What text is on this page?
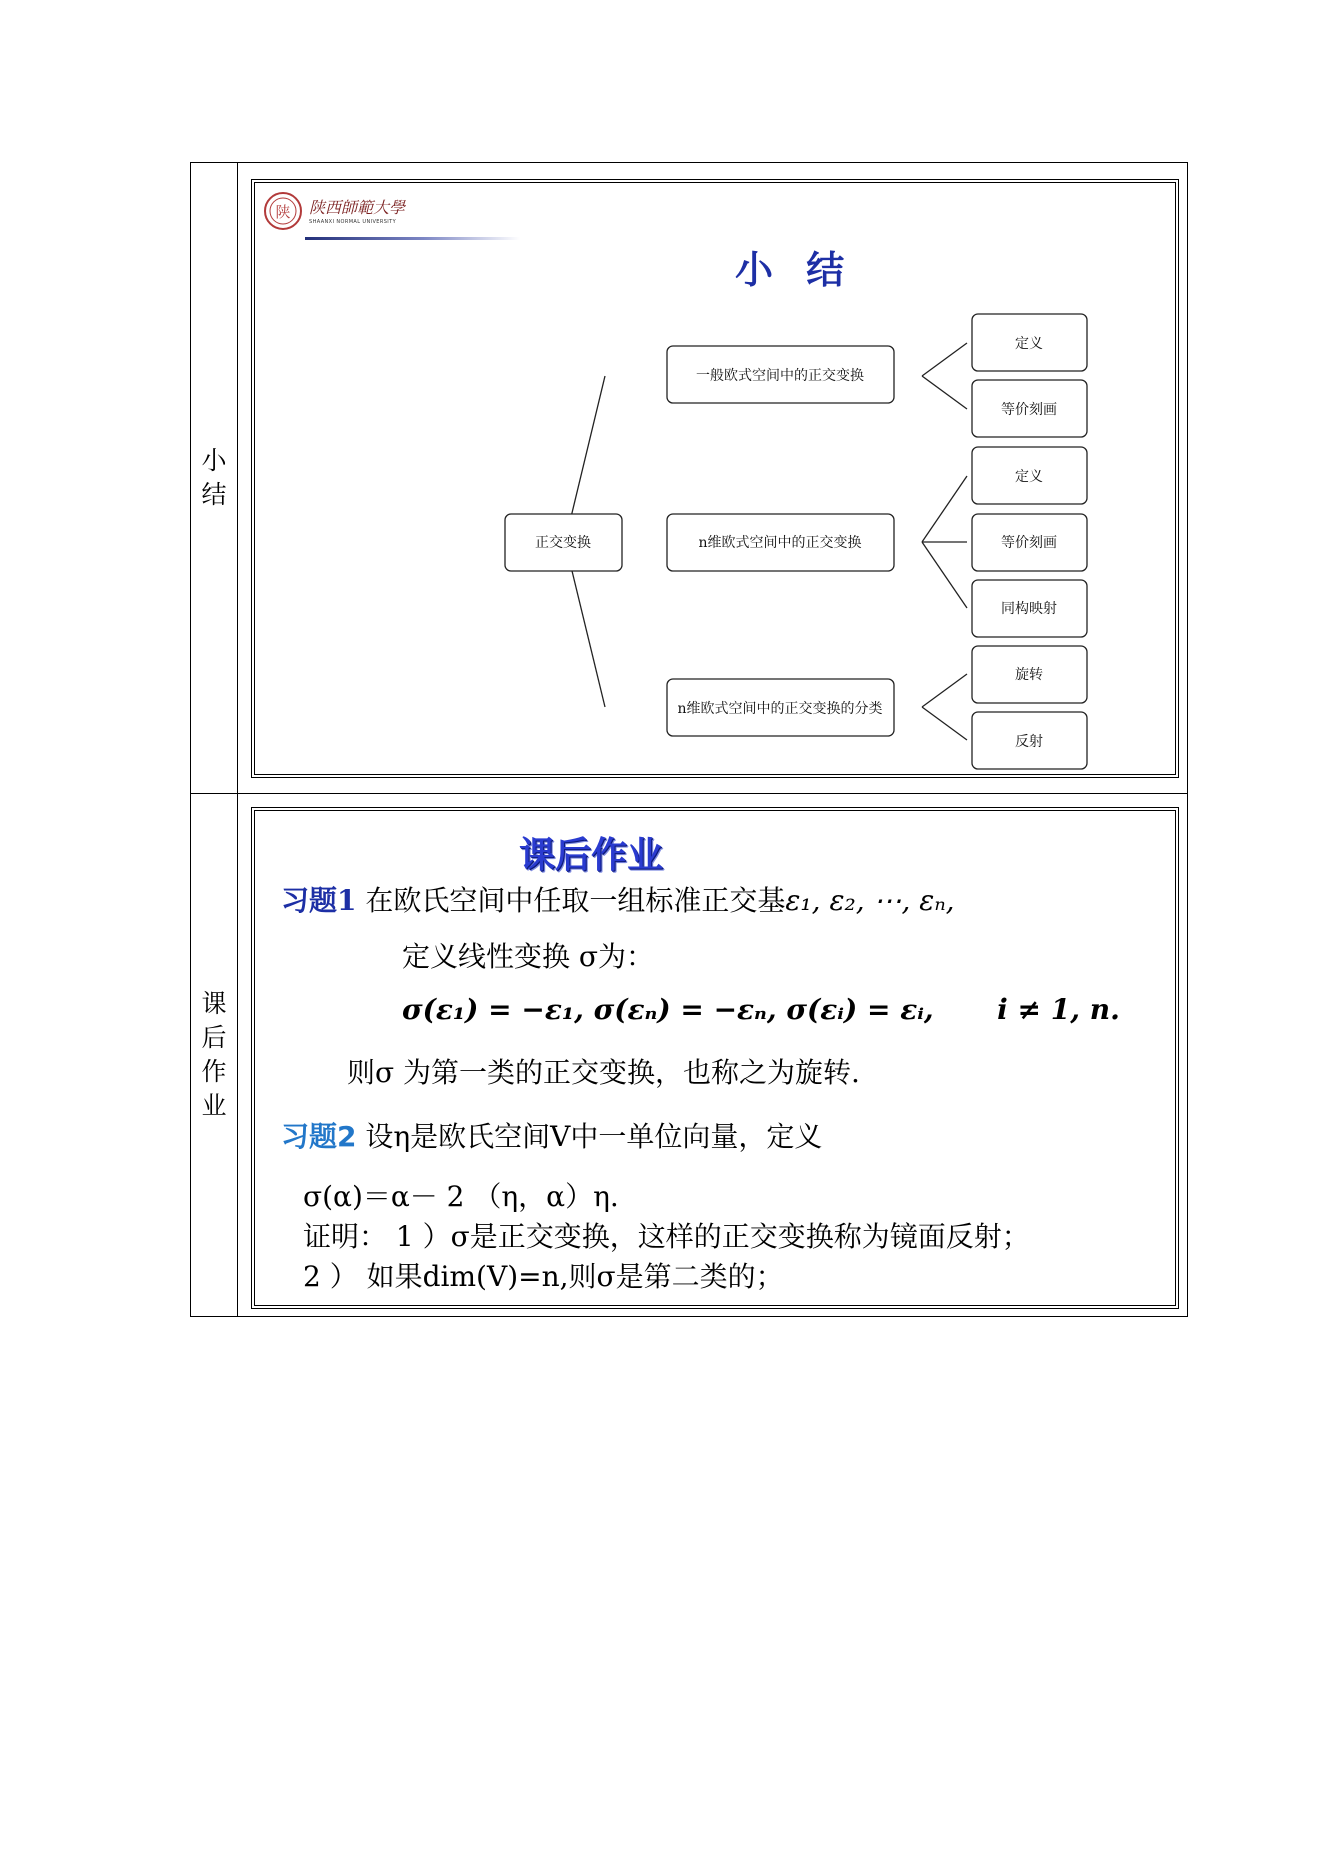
小结
陕 陕西師範大學
SHAANXI NORMAL UNIVERSITY
小 结
正交变换
一般欧式空间中的正交变换
定义
等价刻画
n维欧式空间中的正交变换
定义
等价刻画
同构映射
n维欧式空间中的正交变换的分类
旋转
反射
课后作业
课后作业
习题1 在欧氏空间中任取一组标准正交基ε₁, ε₂, ⋯, εₙ,
定义线性变换 σ为：
σ(ε₁) = −ε₁, σ(εₙ) = −εₙ, σ(εᵢ) = εᵢ, i ≠ 1, n.
则σ 为第一类的正交变换，也称之为旋转.
习题2 设η是欧氏空间V中一单位向量，定义
σ(α)＝α－ 2 （η，α）η.
证明： 1 ）σ是正交变换，这样的正交变换称为镜面反射；
2 ） 如果dim(V)=n,则σ是第二类的；
